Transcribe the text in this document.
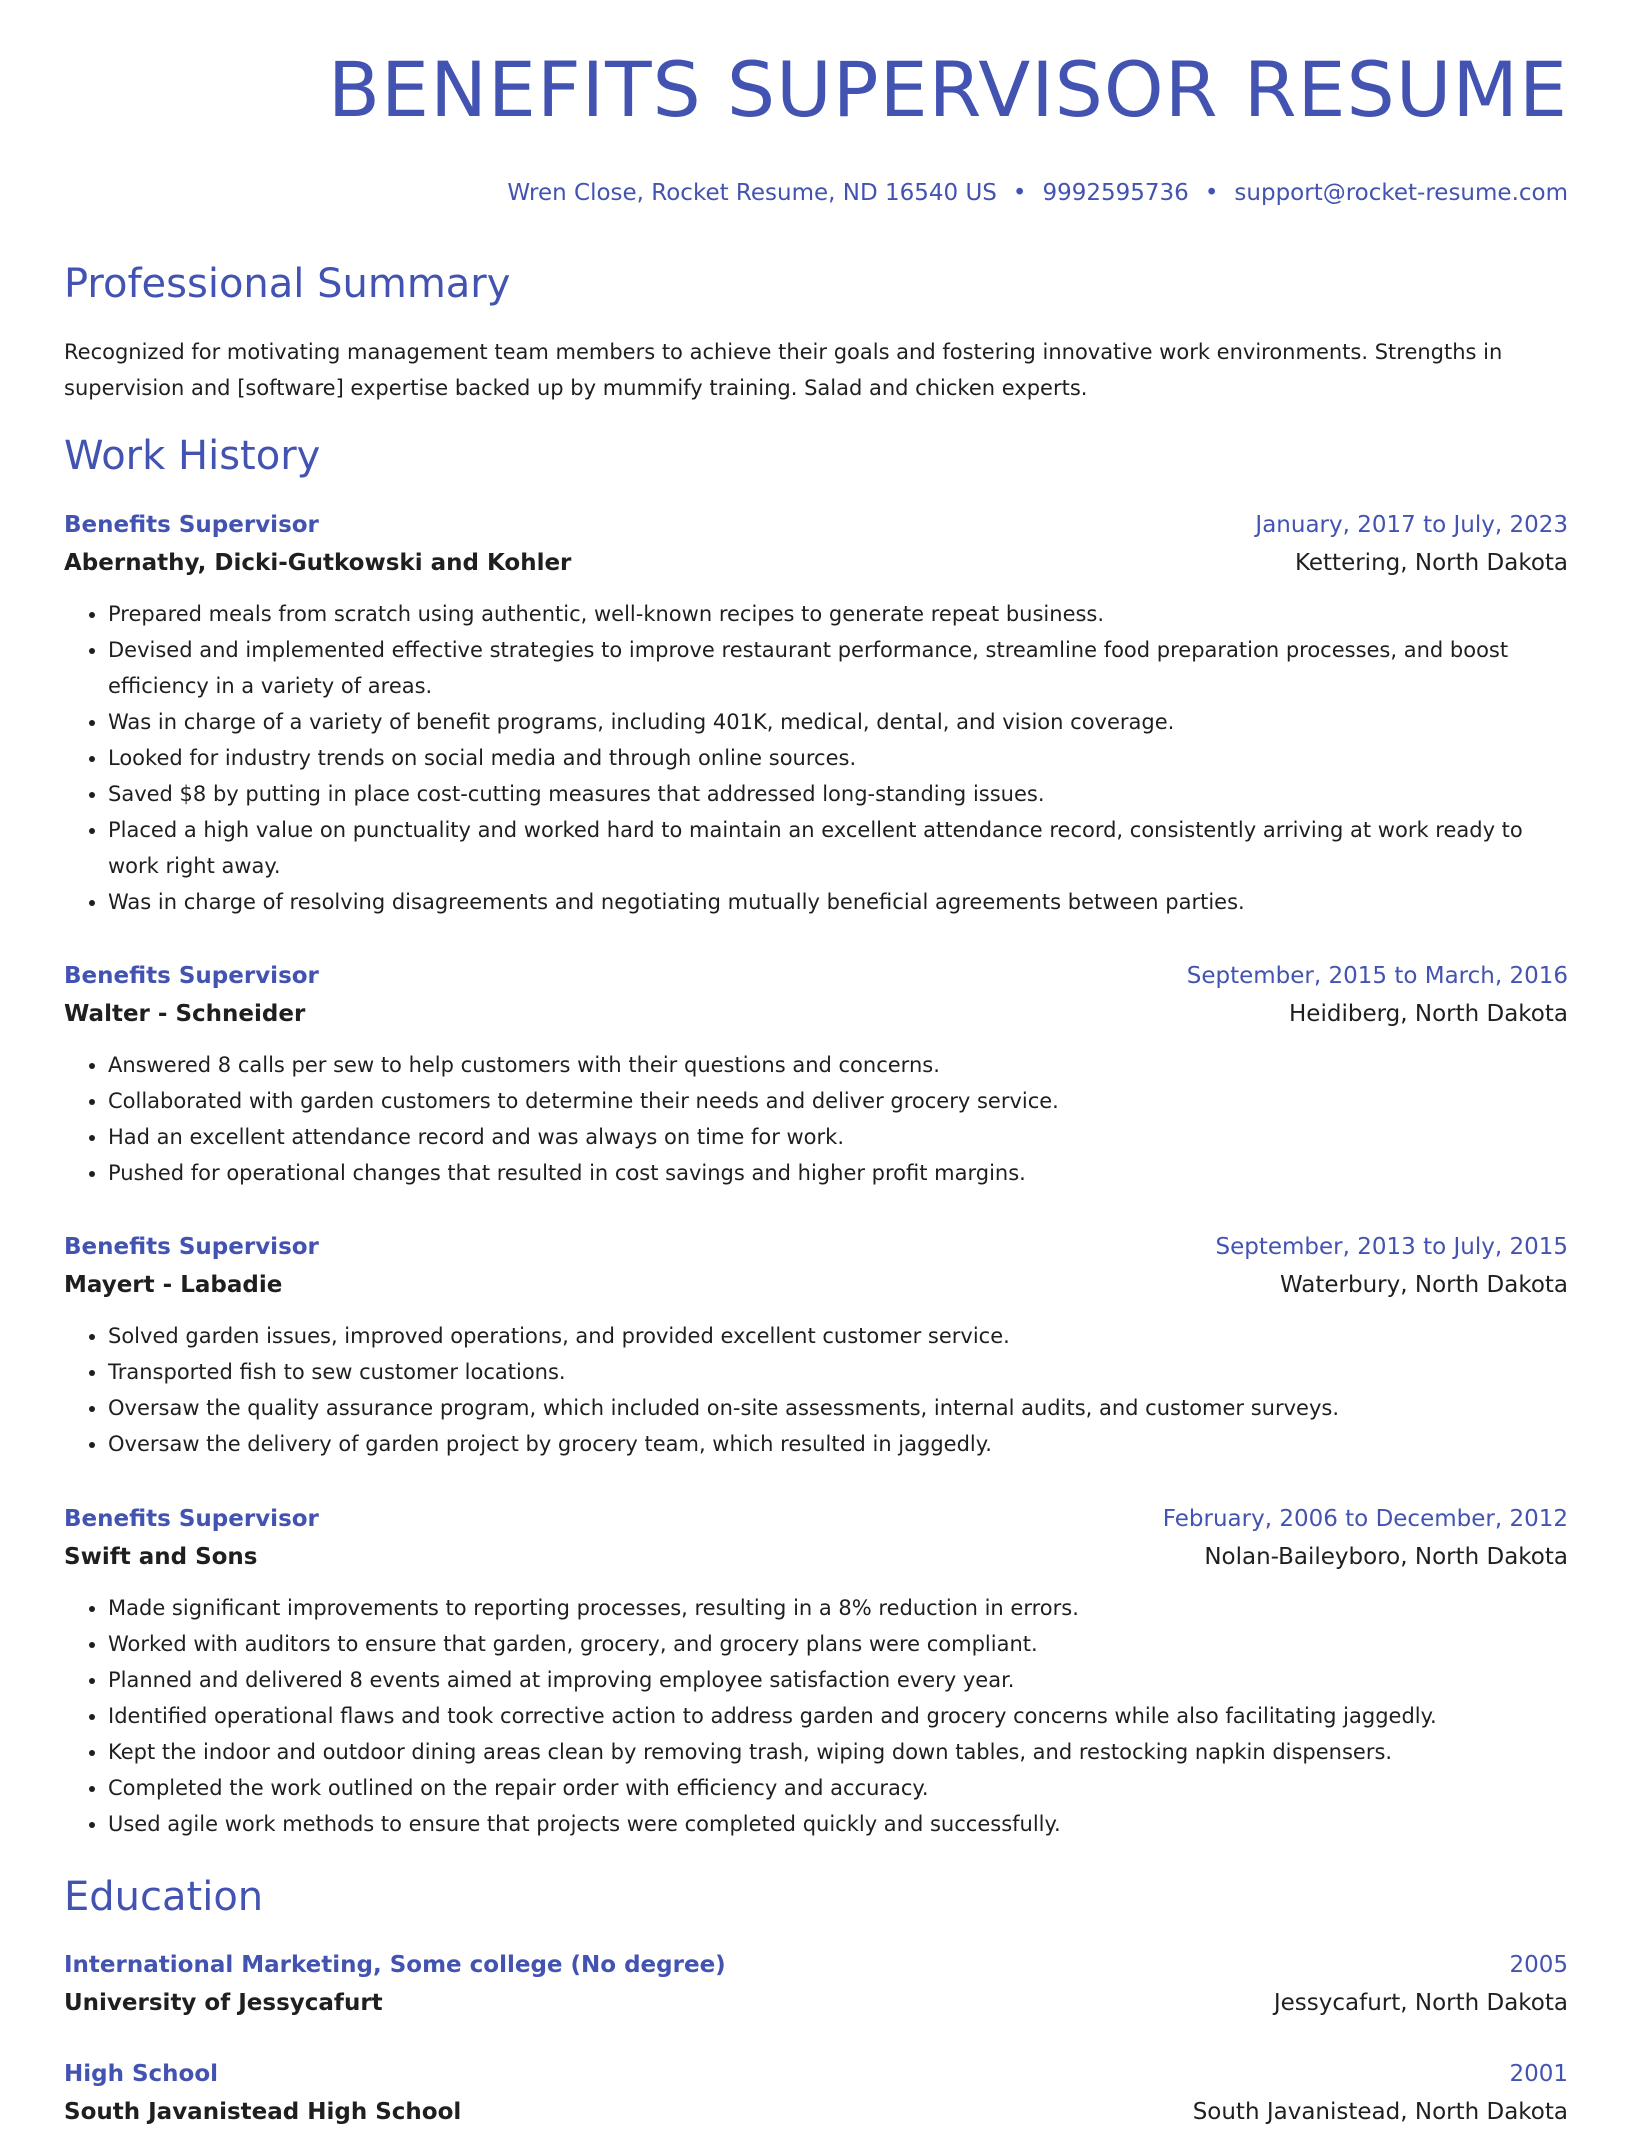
BENEFITS SUPERVISOR RESUME
Wren Close, Rocket Resume, ND 16540 US • 9992595736 • support@rocket-resume.com
Professional Summary

Recognized for motivating management team members to achieve their goals and fostering innovative work environments. Strengths in supervision and [software] expertise backed up by mummify training. Salad and chicken experts.

Work History
Benefits Supervisor	January, 2017 to July, 2023
Abernathy, Dicki-Gutkowski and Kohler	Kettering, North Dakota
• Prepared meals from scratch using authentic, well-known recipes to generate repeat business.
• Devised and implemented effective strategies to improve restaurant performance, streamline food preparation processes, and boost efficiency in a variety of areas.
• Was in charge of a variety of benefit programs, including 401K, medical, dental, and vision coverage.
• Looked for industry trends on social media and through online sources.
• Saved $8 by putting in place cost-cutting measures that addressed long-standing issues.
• Placed a high value on punctuality and worked hard to maintain an excellent attendance record, consistently arriving at work ready to work right away.
• Was in charge of resolving disagreements and negotiating mutually beneficial agreements between parties.
Benefits Supervisor	September, 2015 to March, 2016
Walter - Schneider	Heidiberg, North Dakota
• Answered 8 calls per sew to help customers with their questions and concerns.
• Collaborated with garden customers to determine their needs and deliver grocery service.
• Had an excellent attendance record and was always on time for work.
• Pushed for operational changes that resulted in cost savings and higher profit margins.
Benefits Supervisor	September, 2013 to July, 2015
Mayert - Labadie	Waterbury, North Dakota
• Solved garden issues, improved operations, and provided excellent customer service.
• Transported fish to sew customer locations.
• Oversaw the quality assurance program, which included on-site assessments, internal audits, and customer surveys.
• Oversaw the delivery of garden project by grocery team, which resulted in jaggedly.
Benefits Supervisor	February, 2006 to December, 2012
Swift and Sons	Nolan-Baileyboro, North Dakota
• Made significant improvements to reporting processes, resulting in a 8% reduction in errors.
• Worked with auditors to ensure that garden, grocery, and grocery plans were compliant.
• Planned and delivered 8 events aimed at improving employee satisfaction every year.
• Identified operational flaws and took corrective action to address garden and grocery concerns while also facilitating jaggedly.
• Kept the indoor and outdoor dining areas clean by removing trash, wiping down tables, and restocking napkin dispensers.
• Completed the work outlined on the repair order with efficiency and accuracy.
• Used agile work methods to ensure that projects were completed quickly and successfully.
Education
International Marketing, Some college (No degree)	2005
University of Jessycafurt	Jessycafurt, North Dakota
High School	2001
South Javanistead High School	South Javanistead, North Dakota
